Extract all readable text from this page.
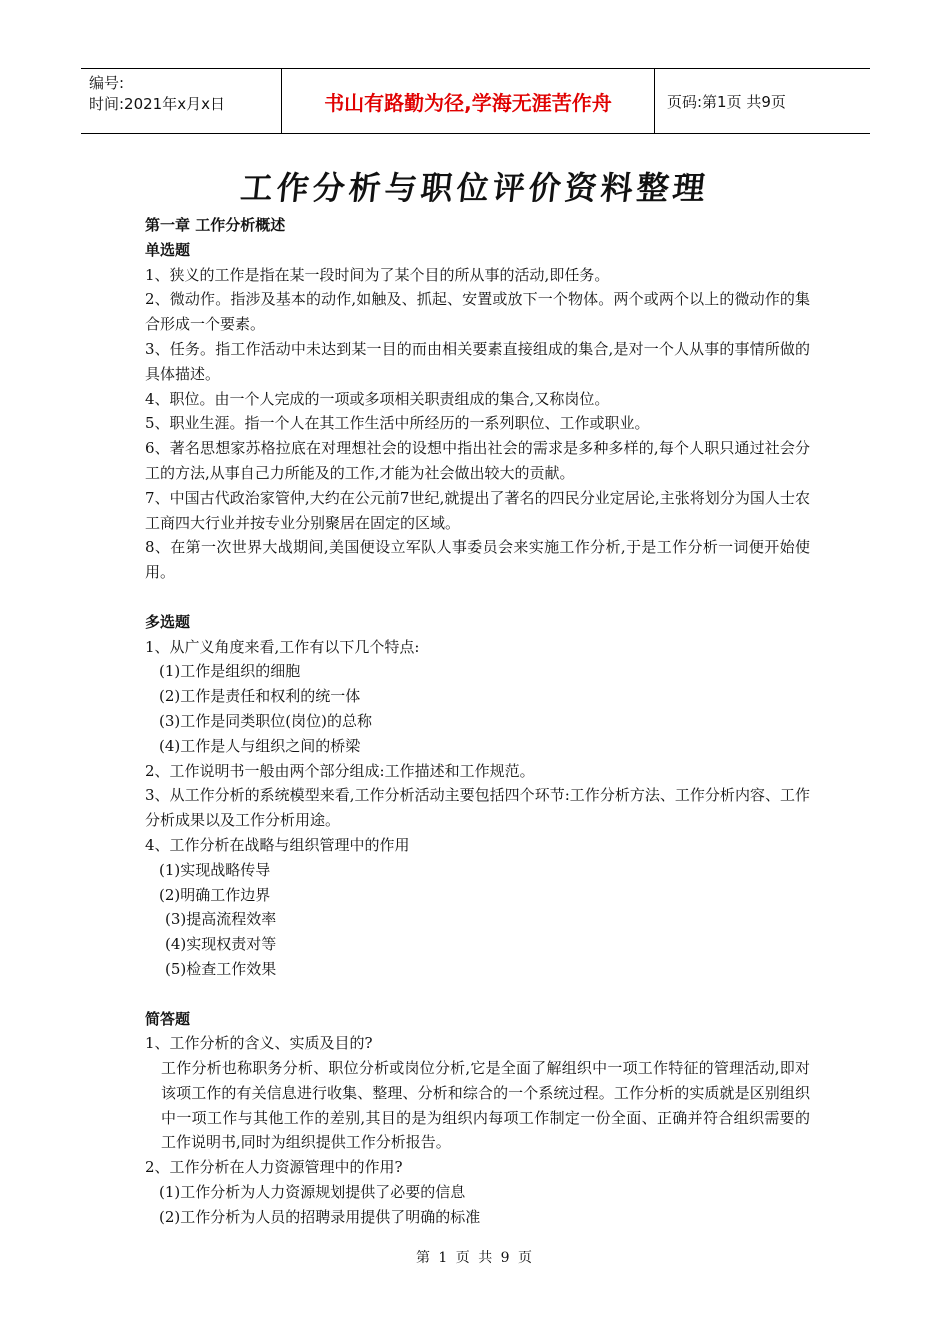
编号:
时间:2021年x月x日	书山有路勤为径,学海无涯苦作舟	页码:第1页 共9页
工作分析与职位评价资料整理

第一章 工作分析概述

单选题

1、狭义的工作是指在某一段时间为了某个目的所从事的活动,即任务。

2、微动作。指涉及基本的动作,如触及、抓起、安置或放下一个物体。两个或两个以上的微动作的集合形成一个要素。

3、任务。指工作活动中未达到某一目的而由相关要素直接组成的集合,是对一个人从事的事情所做的具体描述。

4、职位。由一个人完成的一项或多项相关职责组成的集合,又称岗位。

5、职业生涯。指一个人在其工作生活中所经历的一系列职位、工作或职业。

6、著名思想家苏格拉底在对理想社会的设想中指出社会的需求是多种多样的,每个人职只通过社会分工的方法,从事自己力所能及的工作,才能为社会做出较大的贡献。

7、中国古代政治家管仲,大约在公元前7世纪,就提出了著名的四民分业定居论,主张将划分为国人士农工商四大行业并按专业分别聚居在固定的区域。

8、在第一次世界大战期间,美国便设立军队人事委员会来实施工作分析,于是工作分析一词便开始使用。

多选题

1、从广义角度来看,工作有以下几个特点:

(1)工作是组织的细胞

(2)工作是责任和权利的统一体

(3)工作是同类职位(岗位)的总称

(4)工作是人与组织之间的桥梁

2、工作说明书一般由两个部分组成:工作描述和工作规范。

3、从工作分析的系统模型来看,工作分析活动主要包括四个环节:工作分析方法、工作分析内容、工作分析成果以及工作分析用途。

4、工作分析在战略与组织管理中的作用

(1)实现战略传导

(2)明确工作边界

(3)提高流程效率

(4)实现权责对等

(5)检查工作效果

简答题

1、工作分析的含义、实质及目的?

工作分析也称职务分析、职位分析或岗位分析,它是全面了解组织中一项工作特征的管理活动,即对该项工作的有关信息进行收集、整理、分析和综合的一个系统过程。工作分析的实质就是区别组织中一项工作与其他工作的差别,其目的是为组织内每项工作制定一份全面、正确并符合组织需要的工作说明书,同时为组织提供工作分析报告。

2、工作分析在人力资源管理中的作用?

(1)工作分析为人力资源规划提供了必要的信息

(2)工作分析为人员的招聘录用提供了明确的标准

第 1 页 共 9 页
